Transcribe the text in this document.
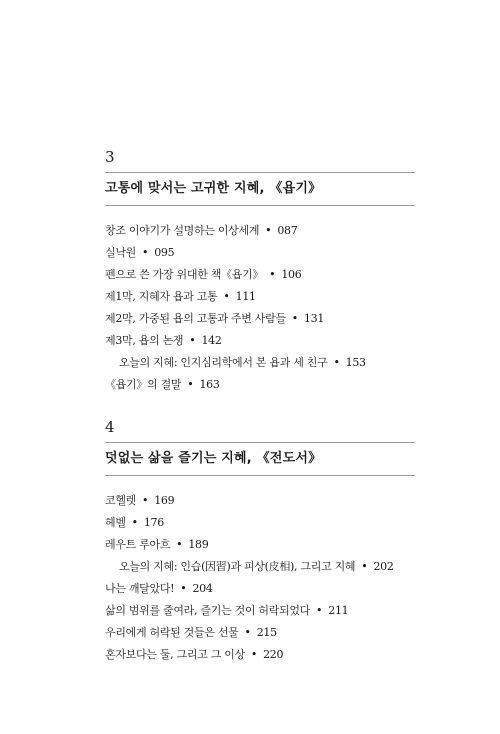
3
고통에 맞서는 고귀한 지혜, 《욥기》
창조 이야기가 설명하는 이상세계 • 087
실낙원 • 095
펜으로 쓴 가장 위대한 책《욥기》 • 106
제1막, 지혜자 욥과 고통 • 111
제2막, 가중된 욥의 고통과 주변 사람들 • 131
제3막, 욥의 논쟁 • 142
오늘의 지혜: 인지심리학에서 본 욥과 세 친구 • 153
《욥기》의 결말 • 163
4
덧없는 삶을 즐기는 지혜, 《전도서》
코헬렛 • 169
헤벨 • 176
레우트 루아흐 • 189
오늘의 지혜: 인습(因習)과 피상(皮相), 그리고 지혜 • 202
나는 깨달았다! • 204
삶의 범위를 줄여라, 즐기는 것이 허락되었다 • 211
우리에게 허락된 것들은 선물 • 215
혼자보다는 둘, 그리고 그 이상 • 220
